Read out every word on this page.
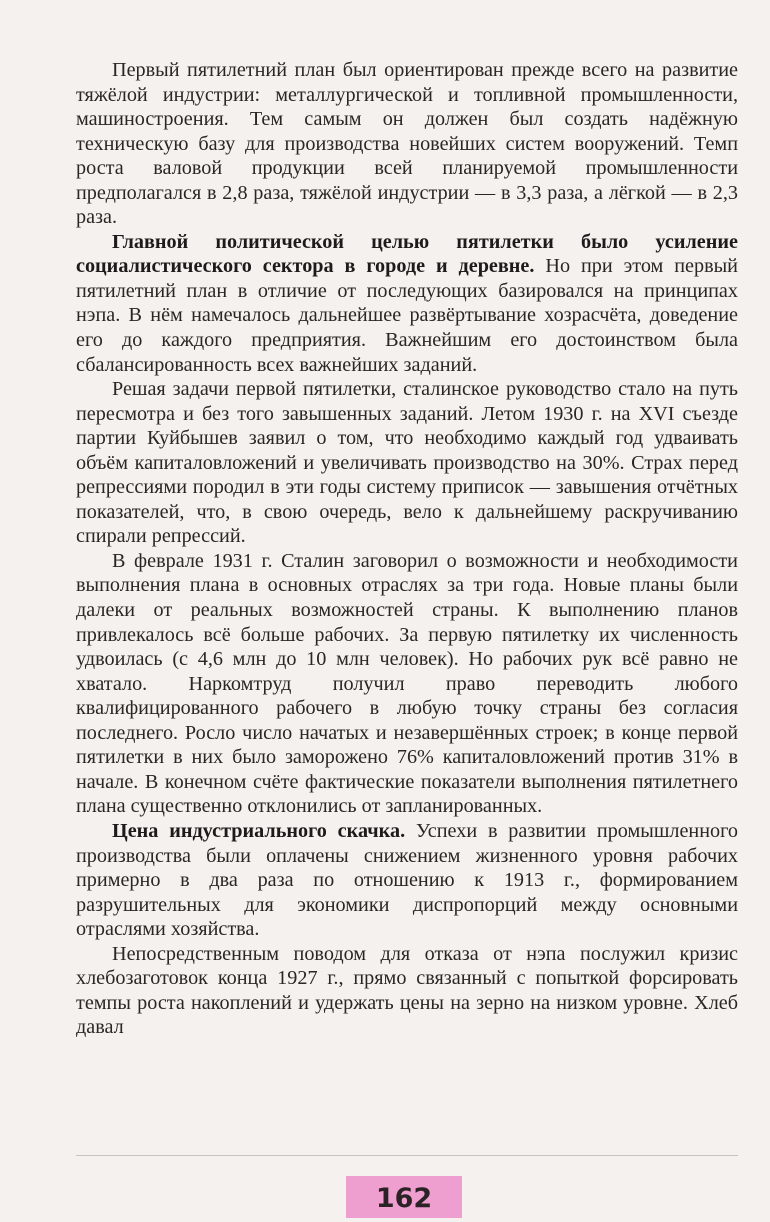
Первый пятилетний план был ориентирован прежде всего на развитие тяжёлой индустрии: металлургической и топливной промышленности, машиностроения. Тем самым он должен был создать надёжную техническую базу для производства новейших систем вооружений. Темп роста валовой продукции всей планируемой промышленности предполагался в 2,8 раза, тяжёлой индустрии — в 3,3 раза, а лёгкой — в 2,3 раза.

Главной политической целью пятилетки было усиление социалистического сектора в городе и деревне. Но при этом первый пятилетний план в отличие от последующих базировался на принципах нэпа. В нём намечалось дальнейшее развёртывание хозрасчёта, доведение его до каждого предприятия. Важнейшим его достоинством была сбалансированность всех важнейших заданий.

Решая задачи первой пятилетки, сталинское руководство стало на путь пересмотра и без того завышенных заданий. Летом 1930 г. на XVI съезде партии Куйбышев заявил о том, что необходимо каждый год удваивать объём капиталовложений и увеличивать производство на 30%. Страх перед репрессиями породил в эти годы систему приписок — завышения отчётных показателей, что, в свою очередь, вело к дальнейшему раскручиванию спирали репрессий.

В феврале 1931 г. Сталин заговорил о возможности и необходимости выполнения плана в основных отраслях за три года. Новые планы были далеки от реальных возможностей страны. К выполнению планов привлекалось всё больше рабочих. За первую пятилетку их численность удвоилась (с 4,6 млн до 10 млн человек). Но рабочих рук всё равно не хватало. Наркомтруд получил право переводить любого квалифицированного рабочего в любую точку страны без согласия последнего. Росло число начатых и незавершённых строек; в конце первой пятилетки в них было заморожено 76% капиталовложений против 31% в начале. В конечном счёте фактические показатели выполнения пятилетнего плана существенно отклонились от запланированных.

Цена индустриального скачка. Успехи в развитии промышленного производства были оплачены снижением жизненного уровня рабочих примерно в два раза по отношению к 1913 г., формированием разрушительных для экономики диспропорций между основными отраслями хозяйства.

Непосредственным поводом для отказа от нэпа послужил кризис хлебозаготовок конца 1927 г., прямо связанный с попыткой форсировать темпы роста накоплений и удержать цены на зерно на низком уровне. Хлеб давал

162
